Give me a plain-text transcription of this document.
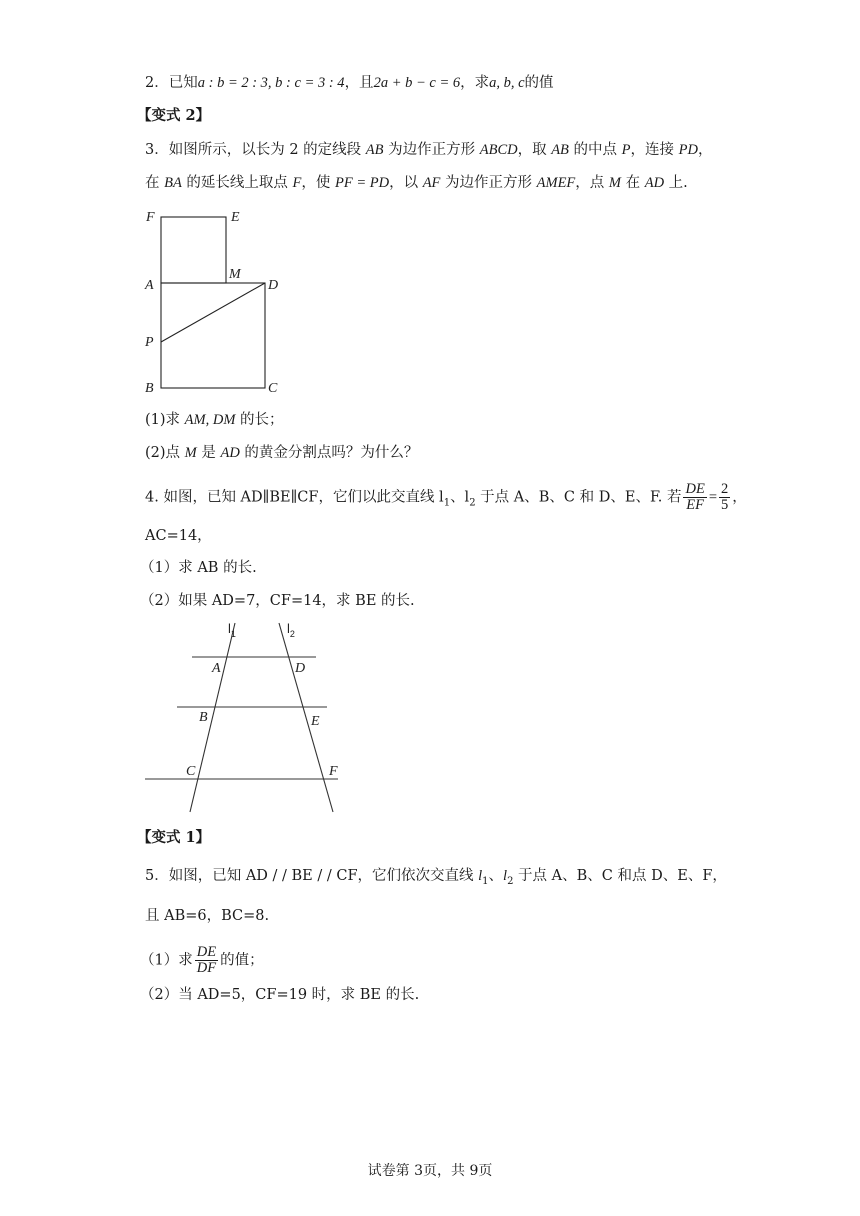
2．已知a : b = 2 : 3, b : c = 3 : 4，且2a + b − c = 6，求a, b, c的值
【变式 2】
3．如图所示，以长为 2 的定线段 AB 为边作正方形 ABCD，取 AB 的中点 P，连接 PD，
在 BA 的延长线上取点 F，使 PF = PD，以 AF 为边作正方形 AMEF，点 M 在 AD 上.
F	E
A
M
D
P
B	C
(1)求 AM, DM 的长；
(2)点 M 是 AD 的黄金分割点吗？为什么？
4. 如图，已知 AD∥BE∥CF，它们以此交直线 $l_1$、$l_2$ 于点 A、B、C 和 D、E、F. 若 $\frac{DE}{EF} = \frac{2}{5}$ ，
AC=14，
（1）求 AB 的长.
（2）如果 AD=7，CF=14，求 BE 的长.
$l_1$	$l_2$
A	D
B	E
C	F
【变式 1】
5．如图，已知 AD / / BE / / CF，它们依次交直线 $l_1$、$l_2$ 于点 A、B、C 和点 D、E、F，
且 AB=6，BC=8.
（1）求 $\frac{DE}{DF}$ 的值；
（2）当 AD=5，CF=19 时，求 BE 的长.
试卷第 3页，共 9页
